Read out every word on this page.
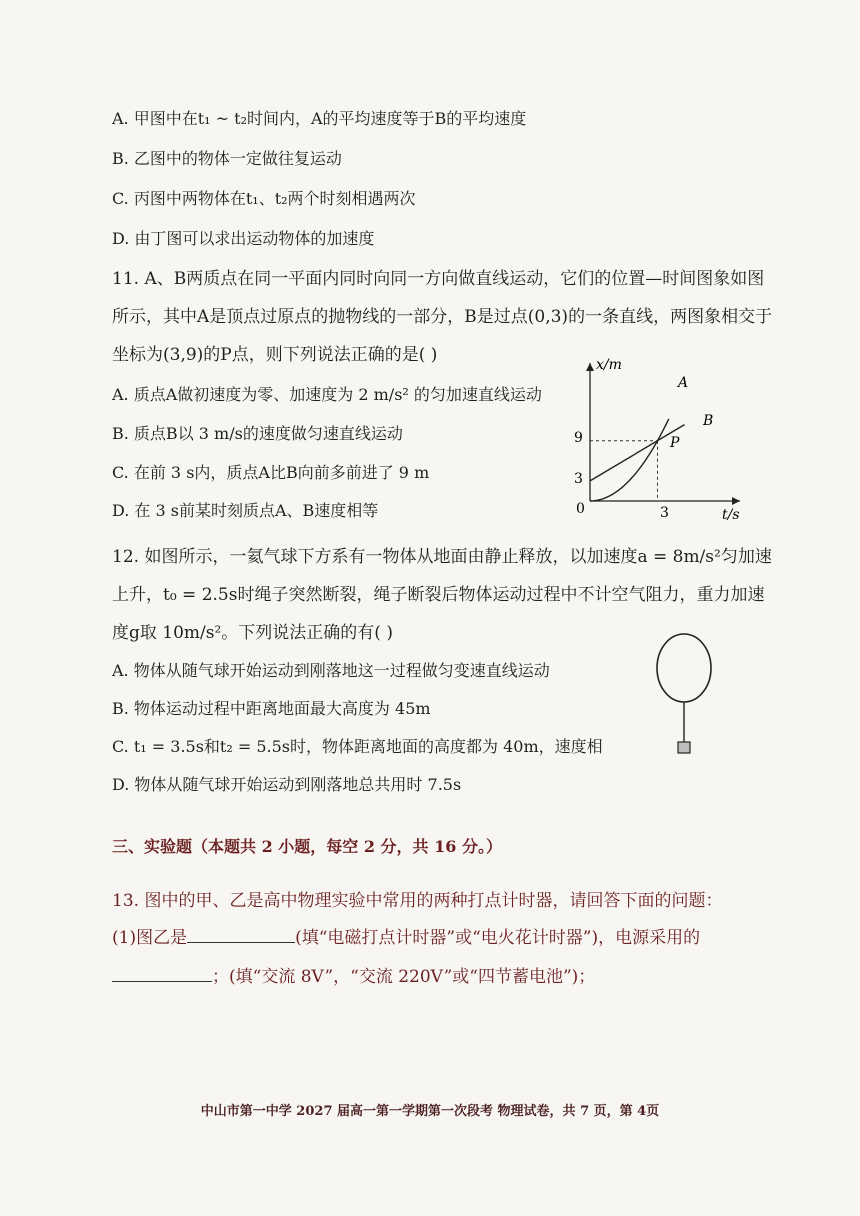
A. 甲图中在t₁ ~ t₂时间内，A的平均速度等于B的平均速度
B. 乙图中的物体一定做往复运动
C. 丙图中两物体在t₁、t₂两个时刻相遇两次
D. 由丁图可以求出运动物体的加速度
11. A、B两质点在同一平面内同时向同一方向做直线运动，它们的位置—时间图象如图
所示，其中A是顶点过原点的抛物线的一部分，B是过点(0,3)的一条直线，两图象相交于
坐标为(3,9)的P点，则下列说法正确的是( )
A. 质点A做初速度为零、加速度为 2 m/s² 的匀加速直线运动
B. 质点B以 3 m/s的速度做匀速直线运动
C. 在前 3 s内，质点A比B向前多前进了 9 m
D. 在 3 s前某时刻质点A、B速度相等
x/m
t/s
A
B
P
9
3
3
0
12. 如图所示，一氦气球下方系有一物体从地面由静止释放，以加速度a = 8m/s²匀加速
上升，t₀ = 2.5s时绳子突然断裂，绳子断裂后物体运动过程中不计空气阻力，重力加速
度g取 10m/s²。下列说法正确的有( )
A. 物体从随气球开始运动到刚落地这一过程做匀变速直线运动
B. 物体运动过程中距离地面最大高度为 45m
C. t₁ = 3.5s和t₂ = 5.5s时，物体距离地面的高度都为 40m，速度相
D. 物体从随气球开始运动到刚落地总共用时 7.5s
三、实验题（本题共 2 小题，每空 2 分，共 16 分。）
13. 图中的甲、乙是高中物理实验中常用的两种打点计时器，请回答下面的问题：
(1)图乙是	(填“电磁打点计时器”或“电火花计时器”)，电源采用的
；(填“交流 8V”，“交流 220V”或“四节蓄电池”)；
中山市第一中学 2027 届高一第一学期第一次段考 物理试卷，共 7 页，第 4页
